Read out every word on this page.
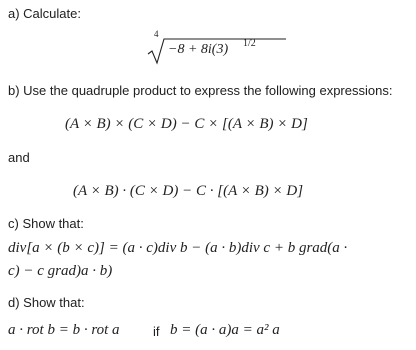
a) Calculate:
4
−8 + 8i(3) 1/2
b) Use the quadruple product to express the following expressions:
(A × B) × (C × D) − C × [(A × B) × D]
and
(A × B) · (C × D) − C · [(A × B) × D]
c) Show that:
div[a × (b × c)] = (a · c)div b − (a · b)div c + b grad(a ·
c) − c grad)a · b)
d) Show that:
a · rot b = b · rot a	if b = (a · a)a = a² a
